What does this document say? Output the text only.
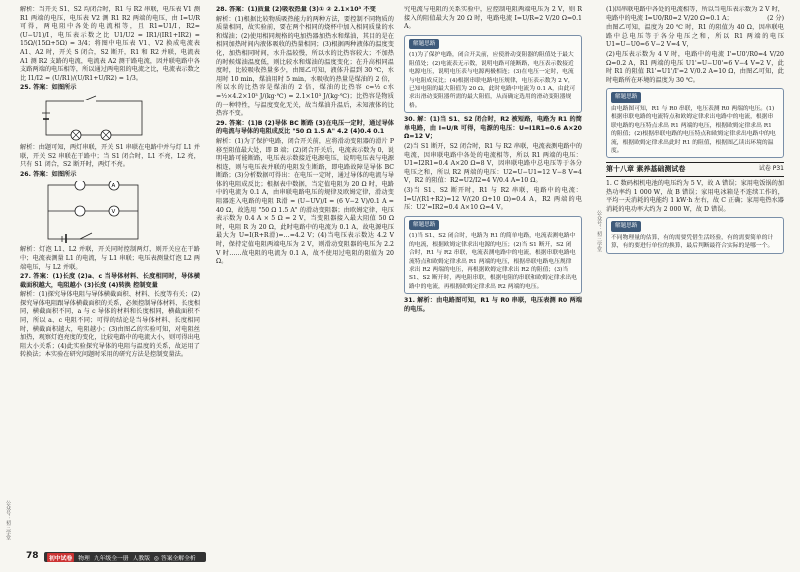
解析：当开关 S1、S2 均闭合时，R1 与 R2 串联，电压表 V1 测 R1 两端的电压，电压表 V2 测 R1 R2 两端的电压，由 I=U/R 可得，两电阻中各处的电流相等，且 R1=U1/I，R2=(U−U1)/I，电压表示数之比 U1/U2 = IR1/(IR1+IR2) = 15Ω/(15Ω+5Ω) = 3/4；将图中电压表 V1、V2 换成电流表 A1、A2 时，开关 S 闭合，S2 断开，R1 和 R2 并联，电流表 A1 测 R2 支路的电流，电流表 A2 测干路电流，因并联电路中各支路两端的电压相等，所以通过两电阻的电流之比，电流表示数之比 I1/I2 = (U/R1)/(U/R1+U/R2) = 1/3。

25. 答案：如图所示

解析：由题可知，两灯串联，开关 S1 串联在电路中并与灯 L1 并联，开关 S2 串联在干路中；当 S1 闭合时，L1 不亮，L2 亮，只有 S1 闭合，S2 断开时，两灯不亮。

26. 答案：如图所示

A
V

解析：灯泡 L1、L2 并联，开关同时控制两灯，则开关应在干路中；电流表测量 L1 的电流，与 L1 串联；电压表测量灯泡 L2 两端电压，与 L2 并联。

27. 答案：(1)长度 (2)a、c 当导体材料、长度相同时，导体横截面积越大，电阻越小 (3)长度 (4)转换 控制变量

解析：(1)探究导体电阻与导体横截面积、材料、长度等有关；(2)探究导体电阻跟导体横截面积的关系，必须控制导体材料、长度相同，横截面积不同，a 与 c 导体的材料和长度相同，横截面积不同，所以 a、c 电阻不同；可得的结论是当导体材料、长度相同时，横截面积越大，电阻越小；(3)由图乙的实验可知，对电阻丝加热，观察灯泡亮度的变化，比较电路中的电流大小，则可得出电阻大小关系；(4)此实验探究导体的电阻与温度的关系，故运用了转换法；本实验在研究问题时采用的研究方法是控制变量法。

28. 答案：(1)质量 (2)吸收热量 (3)① ② 2.1×10³ 不变

解析：(1)根据比较物质吸热能力的两种方法，要控制不同物质的质量相同，故实验前，要在两个相同的烧杯中加入相同质量的水和煤油；(2)使用相同规格的电加热器加热水和煤油，其目的是在相同加热时间内液体吸收的热量相同；(3)根据两种液体的温度变化，加热相同时间，水升温较慢，所以水的比热容较大；不加热的时候煤油温度低，则比较水和煤油的温度变化；在升高相同温度时，比较吸收热量多少，由图乙可知，液体升温到 30 ℃，水用时 10 min，煤油用时 5 min，水吸收的热量是煤油的 2 倍，所以水的比热容是煤油的 2 倍，煤油的比热容 c=½ c水=½×4.2×10³ J/(kg·℃) = 2.1×10³ J/(kg·℃)；比热容是物质的一种特性，与温度变化无关，故当煤油升温后，未知液体的比热容不变。

29. 答案：(1)B (2)导体 BC 断路 (3)在电压一定时，通过导体的电流与导体的电阻成反比 "50 Ω 1.5 A" 4.2 (4)0.4 0.1

解析：(1)为了保护电路，闭合开关前，应将滑动变阻器的滑片 P 移至阻值最大处，即 B 端；(2)闭合开关后，电流表示数为 0，说明电路可能断路，电压表示数接近电源电压，说明电压表与电源相连，则与电压表并联的电阻发生断路，即电路故障是导体 BC 断路；(3)分析数据可得出：在电压一定时，通过导体的电流与导体的电阻成反比；根据表中数据，当定值电阻为 20 Ω 时，电路中的电流为 0.1 A，由串联电路电压的规律及欧姆定律，滑动变阻器连入电路的电阻 R滑 = (U−UV)/I = (6 V−2 V)/0.1 A = 40 Ω，故选用 "50 Ω 1.5 A" 的滑动变阻器；由欧姆定律，电压表示数为 0.4 A × 5 Ω = 2 V，当变阻器接入最大阻值 50 Ω 时，电阻 R 为 20 Ω，此时电路中的电流为 0.1 A，故电源电压最大为 U=I(R+R滑)=…=4.2 V；(4)当电压表示数达 4.2 V 时，保持定值电阻两端电压为 2 V，则滑动变阻器的电压为 2.2 V 时……故电阻的电流为 0.1 A，故不使用过电阻的阻值为 20 Ω。

究电流与电阻的关系实验中，应控制电阻两端电压为 2 V，则 R 接入的阻值最大为 20 Ω 时，电路电流 I=U/R=2 V/20 Ω=0.1 A。

解题思路
(1)为了保护电路，闭合开关前，应使滑动变阻器的阻值处于最大阻值处；(2)电流表无示数，说明电路可能断路，电压表示数接近电源电压，说明电压表与电源两极相连；(3)在电压一定时，电流与电阻成反比；(4)根据串联电路电压规律，电压表示数为 2 V，已知电阻的最大阻值为 20 Ω，此时电路中电流为 0.1 A，由此可求出滑动变阻器所需的最大阻值，从而确定选用的滑动变阻器规格。

30. 解：(1)当 S1、S2 闭合时，R2 被短路，电路为 R1 的简单电路，由 I=U/R 可得，电源的电压：U=I1R1=0.6 A×20 Ω=12 V；

(2)当 S1 断开，S2 闭合时，R1 与 R2 串联，电流表测电路中的电流，因串联电路中各处的电流相等，所以 R1 两端的电压：U1=I2R1=0.4 A×20 Ω=8 V，因串联电路中总电压等于各分电压之和，所以 R2 两端的电压：U2=U−U1=12 V−8 V=4 V，R2 的阻值：R2=U2/I2=4 V/0.4 A=10 Ω。

(3)当 S1、S2 断开时，R1 与 R2 串联，电路中的电流：I=U/(R1+R2)=12 V/(20 Ω+10 Ω)=0.4 A，R2 两端的电压：U2'=IR2=0.4 A×10 Ω=4 V。

解题思路
(1)当 S1、S2 闭合时，电路为 R1 的简单电路，电流表测电路中的电流，根据欧姆定律求出电源的电压；(2)当 S1 断开，S2 闭合时，R1 与 R2 串联，电流表测电路中的电流，根据串联电路电流特点和欧姆定律求出 R1 两端的电压，根据串联电路电压规律求出 R2 两端的电压，再根据欧姆定律求出 R2 的阻值；(3)当 S1、S2 断开时，两电阻串联，根据电阻的串联和欧姆定律求出电路中的电流，再根据欧姆定律求出 R2 两端的电压。

31. 解析：由电路图可知，R1 与 R0 串联，电压表测 R0 两端的电压。

公众号：初三学堂

(1)因串联电路中各处的电流相等，所以当电压表示数为 2 V 时，电路中的电流 I=U0/R0=2 V/20 Ω=0.1 A；	(2 分)

由图乙可知，温度为 20 ℃ 时，R1 的阻值为 40 Ω，因串联电路中总电压等于各分电压之和，所以 R1 两端的电压 U1=U−U0=6 V−2 V=4 V，

(2)电压表示数为 4 V 时，电路中的电流 I'=U0'/R0=4 V/20 Ω=0.2 A，R1 两端的电压 U1'=U−U0'=6 V−4 V=2 V，此时 R1 的阻值 R1'=U1'/I'=2 V/0.2 A=10 Ω，由图乙可知，此时电路所在环境的温度为 30 ℃。

解题思路
由电路图可知，R1 与 R0 串联，电压表测 R0 两端的电压。(1)根据串联电路的电流特点和欧姆定律求出电路中的电流，根据串联电路的电压特点求出 R1 两端的电压，根据欧姆定律求出 R1 的阻值；(2)根据串联电路的电压特点和欧姆定律求出电路中的电流，根据欧姆定律求出此时 R1 的阻值，根据图乙读出环境的温度。
第十八章 素养基础测试卷	试卷 P31

1. C 数码相机电池的电压约为 5 V，故 A 错误；家用电饭锅的加热功率约 1 000 W，故 B 错误；家用电冰箱是不连续工作的，平均一天消耗的电能约 1 kW·h 左右，故 C 正确；家用电热水器消耗的电功率大约为 2 000 W，故 D 错误。

解题思路
不同物理量的估算，有的需要凭借生活经验，有的需要简单的计算，有的要进行单位的换算，最后判断最符合实际的是哪一个。
公众号：初三学堂
78	初中试卷	物理 九年级全一册 人教版 ◎ 答案全解全析
